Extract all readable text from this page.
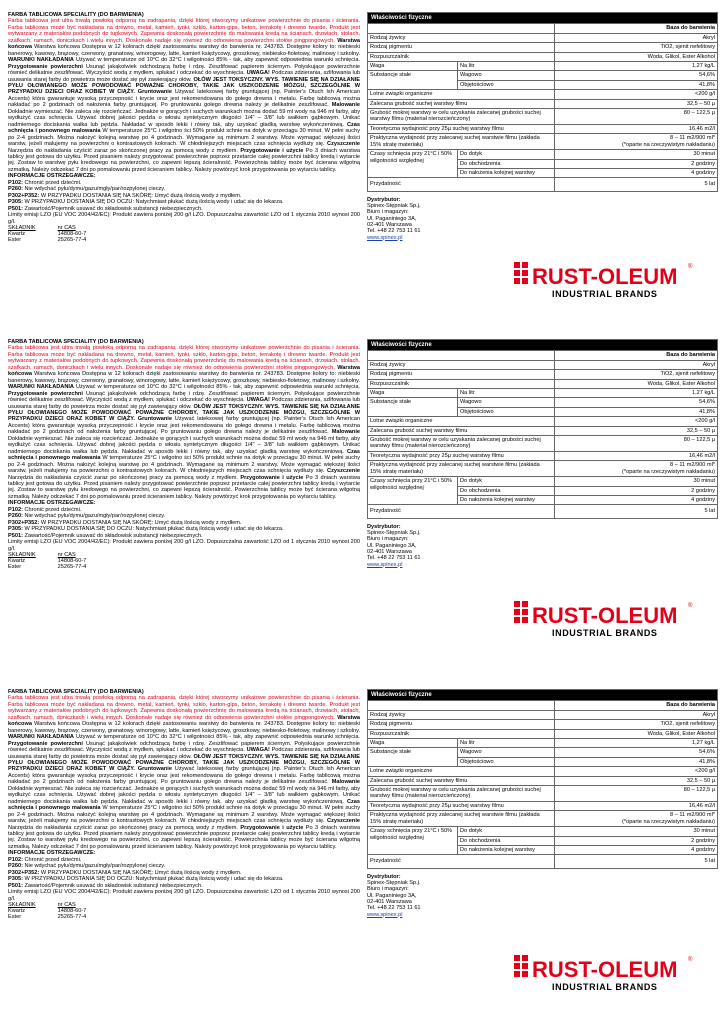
FARBA TABLICOWA SPECIALITY (DO BARWIENIA)

Farba tablicowa jest ultra trwałą powłoką odporną na zadrapania, dzięki której stworzymy unikatowe powierzchnie do pisania i ścierania. Farba tablicowa może być nakładana na drewno, metal, kamień, tynki, szkło, karton-gips, beton, terrakotę i drewno twarde. Produkt jest wytwarzany z materiałów podobnych do tupkowych. Zapewnia doskonałą powierzchnię do malowania kredą na ścianach, drzwiach, stołach, szafkach, ramach, doniczkach i wielu innych. Doskonale nadaje się również do odnowienia powierzchni stołów pingpongowych. Warstwa końcowa Warstwa końcowa Dostępna w 12 kolorach dzięki zastosowaniu warstwy do barwienia nr. 243783. Dostępne kolory to: niebieski banerowy, kawowy, brązowy, czerwony, granatowy, winorogowy, latte, kamień księżycowy, groszkowy, niebiesko-fioletowy, malinowy i szkolny. WARUNKI NAKŁADANIA Używać w temperaturze od 10°C do 32°C i wilgotności 85% - tak, aby zapewnić odpowiednia warunki schnięcia. Przygotowanie powierzchni Usunąć jakąkolwiek odchodzącą farbę i rdzę. Zeszlifować papierem ściernym. Połyskujące powierzchnie równieć delikatnie zeszlifować. Wyczyścić wodą z mydłem, spłukać i odczekać do wyschnięcia. UWAGA! Podczas zdzierania, szlifowania lub usuwania starej farby do powietrza może dostać się pył zawierający ołów. OŁÓW JEST TOKSYCZNY. WYS. TAWIENIE SIĘ NA DZIAŁANIE PYŁU OŁOWIANEGO MOŻE POWODOWAĆ POWAŻNE CHOROBY, TAKIE JAK USZKODZENIE MÓZGU, SZCZEGÓLNIE W PRZYPADKU DZIECI ORAZ KOBIET W CIĄŻY. Gruntowanie Używać lateksowej farby gruntującej (np. Painter's Otuch Ish American Accents) która gwarantuje wysoką przyczepność i krycie oraz jest rekomendowana do gołego drewna i metalu. Farbę tablicową można nakładać po 2 godzinach od nałożenia farby gruntującej. Po gruntowaniu gołego drewna należy je delikatnie zeszlifować. Malowanie Dokładnie wymieszać. Nie zaleca się rozcieńczać. Jednakże w gorących i suchych warunkach można dodać 59 ml wody na 946 ml farby, aby wydłużyć czas schnięcia. Używać dobrej jakości pędzla o włosiu syntetycznym długości 1/4" – 3/8" lub wałkiem gąbkowym. Unikać nadmiernego dociskania wałka lub pędzla. Nakładać w sposób lekki i równy tak, aby uzyskać gładką warstwę wykończeniową. Czas schnięcia i ponownego malowania W temperaturze 25°C i wilgotno ści 50% produkt schnie na dotyk w przeciągu 30 minut. W pełni suchy po 2-4 godzinach. Można nałożyć kolejną warstwę po 4 godzinach. Wymagane są minimum 2 warstwy. Może wymagać większej ilości warstw, jeżeli malujemy na powierzchni o kontrastowych kolorach. W chłodniejszych miejscach czas schnięcia wydłuży się. Czyszczenie Narzędzia do nakładania czyścić zaraz po skończonej pracy za pomocą wody z mydłem. Przygotowanie i użycie Po 3 dniach warstwa tablicy jest gotowa do użytku. Przed pisaniem należy przygotować powierzchnie poprzez przetarcie całej powierzchni tablicy kredą i wytarcie jej. Zostaw to warstwę pyłu kredowego na powierzchni, co zapewni lepszą ścieralność. Powierzchnia tablicy może być ścierana wilgotną szmatką. Należy odczekać 7 dni po pomalowaniu przed ścieraniem tablicy. Należy powtórzyć krok przygotowania po wytarciu tablicy.

INFORMACJE OSTRZEGAWCZE:

P102: Chronić przed dziećmi.

P260: Nie wdychać pyłu/dymu/gazu/mgły/par/rozpylonej cieczy.

P302+P352: W PRZYPADKU DOSTANIA SIĘ NA SKÓRĘ: Umyć dużą ilością wody z mydłem.

P305: W PRZYPADKU DOSTANIA SIĘ DO OCZU: Natychmiast płukać dużą ilością wody i udać się do lekarza.

P501: Zawartość/Pojemnik usuwać do składowisk substancji niebezpiecznych.

Limity emisji LZO (EU VOC 2004/42/EC): Produkt zawiera poniżej 200 g/l LZO. Dopuszczalna zawartość LZO od 1 stycznia 2010 wynosi 200 g/l.

SKŁADNIK	nr CAS
Kwartz	14808-60-7
Ester	25265-77-4
Właściwości fizyczne		
		Baza do barwienia
Rodzaj żywicy		Akryl
Rodzaj pigmentu		TiO2, sjenit nefelitowy
Rozpuszczalnik		Woda, Glikol, Ester Alkohol
Waga	Na litr	1,27 kg/L
Substancje stałe	Wagowo	54,6%
	Objętościowo	41,8%
Lotne związki organiczne		<200 g/l
Zalecana grubość suchej warstwy filmu		32,5 – 50 µ
Grubość mokrej warstwy w celu uzyskania zalecanej grubości suchej warstwy filmu (materiał nierozcieńczony)		80 – 122,5 µ
Teoretyczna wydajność przy 25µ suchej warstwy filmu		16,46 m2/l
Praktyczna wydajność przy zalecanej suchej warstwie filmu (zakłada 15% stratę materiału)		8 – 11 m2/900 ml*
(*oparte na rzeczywistym nakładaniu)

Czasy schnięcia przy 21°C i 50% wilgotności względnej	Do dotyk	30 minut
	Do obchodzenia	2 godziny
	Do nałożenia kolejnej warstwy	4 godziny
Przydatność		5 lat
Dystrybutor:
Spinex-Stępniak Sp.j.
Biuro i magazyn:
Ul. Paganiniego 3A,
02-401 Warszawa
Tel. +48 22 753 11 61
www.spinex.pl
RUST-OLEUM ®
INDUSTRIAL BRANDS

FARBA TABLICOWA SPECIALITY (DO BARWIENIA)

Farba tablicowa jest ultra trwałą powłoką odporną na zadrapania, dzięki której stworzymy unikatowe powierzchnie do pisania i ścierania. Farba tablicowa może być nakładana na drewno, metal, kamień, tynki, szkło, karton-gips, beton, terrakotę i drewno twarde. Produkt jest wytwarzany z materiałów podobnych do tupkowych. Zapewnia doskonałą powierzchnię do malowania kredą na ścianach, drzwiach, stołach, szafkach, ramach, doniczkach i wielu innych. Doskonale nadaje się również do odnowienia powierzchni stołów pingpongowych. Warstwa końcowa Warstwa końcowa Dostępna w 12 kolorach dzięki zastosowaniu warstwy do barwienia nr. 243783. Dostępne kolory to: niebieski banerowy, kawowy, brązowy, czerwony, granatowy, winorogowy, latte, kamień księżycowy, groszkowy, niebiesko-fioletowy, malinowy i szkolny. WARUNKI NAKŁADANIA Używać w temperaturze od 10°C do 32°C i wilgotności 85% - tak, aby zapewnić odpowiednia warunki schnięcia. Przygotowanie powierzchni Usunąć jakąkolwiek odchodzącą farbę i rdzę. Zeszlifować papierem ściernym. Połyskujące powierzchnie równieć delikatnie zeszlifować. Wyczyścić wodą z mydłem, spłukać i odczekać do wyschnięcia. UWAGA! Podczas zdzierania, szlifowania lub usuwania starej farby do powietrza może dostać się pył zawierający ołów. OŁÓW JEST TOKSYCZNY. WYS. TAWIENIE SIĘ NA DZIAŁANIE PYŁU OŁOWIANEGO MOŻE POWODOWAĆ POWAŻNE CHOROBY, TAKIE JAK USZKODZENIE MÓZGU, SZCZEGÓLNIE W PRZYPADKU DZIECI ORAZ KOBIET W CIĄŻY. Gruntowanie Używać lateksowej farby gruntującej (np. Painter's Otuch Ish American Accents) która gwarantuje wysoką przyczepność i krycie oraz jest rekomendowana do gołego drewna i metalu. Farbę tablicową można nakładać po 2 godzinach od nałożenia farby gruntującej. Po gruntowaniu gołego drewna należy je delikatnie zeszlifować. Malowanie Dokładnie wymieszać. Nie zaleca się rozcieńczać. Jednakże w gorących i suchych warunkach można dodać 59 ml wody na 946 ml farby, aby wydłużyć czas schnięcia. Używać dobrej jakości pędzla o włosiu syntetycznym długości 1/4" – 3/8" lub wałkiem gąbkowym. Unikać nadmiernego dociskania wałka lub pędzla. Nakładać w sposób lekki i równy tak, aby uzyskać gładką warstwę wykończeniową. Czas schnięcia i ponownego malowania W temperaturze 25°C i wilgotno ści 50% produkt schnie na dotyk w przeciągu 30 minut. W pełni suchy po 2-4 godzinach. Można nałożyć kolejną warstwę po 4 godzinach. Wymagane są minimum 2 warstwy. Może wymagać większej ilości warstw, jeżeli malujemy na powierzchni o kontrastowych kolorach. W chłodniejszych miejscach czas schnięcia wydłuży się. Czyszczenie Narzędzia do nakładania czyścić zaraz po skończonej pracy za pomocą wody z mydłem. Przygotowanie i użycie Po 3 dniach warstwa tablicy jest gotowa do użytku. Przed pisaniem należy przygotować powierzchnie poprzez przetarcie całej powierzchni tablicy kredą i wytarcie jej. Zostaw to warstwę pyłu kredowego na powierzchni, co zapewni lepszą ścieralność. Powierzchnia tablicy może być ścierana wilgotną szmatką. Należy odczekać 7 dni po pomalowaniu przed ścieraniem tablicy. Należy powtórzyć krok przygotowania po wytarciu tablicy.

INFORMACJE OSTRZEGAWCZE:

P102: Chronić przed dziećmi.

P260: Nie wdychać pyłu/dymu/gazu/mgły/par/rozpylonej cieczy.

P302+P352: W PRZYPADKU DOSTANIA SIĘ NA SKÓRĘ: Umyć dużą ilością wody z mydłem.

P305: W PRZYPADKU DOSTANIA SIĘ DO OCZU: Natychmiast płukać dużą ilością wody i udać się do lekarza.

P501: Zawartość/Pojemnik usuwać do składowisk substancji niebezpiecznych.

Limity emisji LZO (EU VOC 2004/42/EC): Produkt zawiera poniżej 200 g/l LZO. Dopuszczalna zawartość LZO od 1 stycznia 2010 wynosi 200 g/l.

SKŁADNIK	nr CAS
Kwartz	14808-60-7
Ester	25265-77-4
Właściwości fizyczne		
		Baza do barwienia
Rodzaj żywicy		Akryl
Rodzaj pigmentu		TiO2, sjenit nefelitowy
Rozpuszczalnik		Woda, Glikol, Ester Alkohol
Waga	Na litr	1,27 kg/L
Substancje stałe	Wagowo	54,6%
	Objętościowo	41,8%
Lotne związki organiczne		<200 g/l
Zalecana grubość suchej warstwy filmu		32,5 – 50 µ
Grubość mokrej warstwy w celu uzyskania zalecanej grubości suchej warstwy filmu (materiał nierozcieńczony)		80 – 122,5 µ
Teoretyczna wydajność przy 25µ suchej warstwy filmu		16,46 m2/l
Praktyczna wydajność przy zalecanej suchej warstwie filmu (zakłada 15% stratę materiału)		8 – 11 m2/900 ml*
(*oparte na rzeczywistym nakładaniu)

Czasy schnięcia przy 21°C i 50% wilgotności względnej	Do dotyk	30 minut
	Do obchodzenia	2 godziny
	Do nałożenia kolejnej warstwy	4 godziny
Przydatność		5 lat
Dystrybutor:
Spinex-Stępniak Sp.j.
Biuro i magazyn:
Ul. Paganiniego 3A,
02-401 Warszawa
Tel. +48 22 753 11 61
www.spinex.pl
RUST-OLEUM ®
INDUSTRIAL BRANDS

FARBA TABLICOWA SPECIALITY (DO BARWIENIA)

Farba tablicowa jest ultra trwałą powłoką odporną na zadrapania, dzięki której stworzymy unikatowe powierzchnie do pisania i ścierania. Farba tablicowa może być nakładana na drewno, metal, kamień, tynki, szkło, karton-gips, beton, terrakotę i drewno twarde. Produkt jest wytwarzany z materiałów podobnych do tupkowych. Zapewnia doskonałą powierzchnię do malowania kredą na ścianach, drzwiach, stołach, szafkach, ramach, doniczkach i wielu innych. Doskonale nadaje się również do odnowienia powierzchni stołów pingpongowych. Warstwa końcowa Warstwa końcowa Dostępna w 12 kolorach dzięki zastosowaniu warstwy do barwienia nr. 243783. Dostępne kolory to: niebieski banerowy, kawowy, brązowy, czerwony, granatowy, winorogowy, latte, kamień księżycowy, groszkowy, niebiesko-fioletowy, malinowy i szkolny. WARUNKI NAKŁADANIA Używać w temperaturze od 10°C do 32°C i wilgotności 85% - tak, aby zapewnić odpowiednia warunki schnięcia. Przygotowanie powierzchni Usunąć jakąkolwiek odchodzącą farbę i rdzę. Zeszlifować papierem ściernym. Połyskujące powierzchnie równieć delikatnie zeszlifować. Wyczyścić wodą z mydłem, spłukać i odczekać do wyschnięcia. UWAGA! Podczas zdzierania, szlifowania lub usuwania starej farby do powietrza może dostać się pył zawierający ołów. OŁÓW JEST TOKSYCZNY. WYS. TAWIENIE SIĘ NA DZIAŁANIE PYŁU OŁOWIANEGO MOŻE POWODOWAĆ POWAŻNE CHOROBY, TAKIE JAK USZKODZENIE MÓZGU, SZCZEGÓLNIE W PRZYPADKU DZIECI ORAZ KOBIET W CIĄŻY. Gruntowanie Używać lateksowej farby gruntującej (np. Painter's Otuch Ish American Accents) która gwarantuje wysoką przyczepność i krycie oraz jest rekomendowana do gołego drewna i metalu. Farbę tablicową można nakładać po 2 godzinach od nałożenia farby gruntującej. Po gruntowaniu gołego drewna należy je delikatnie zeszlifować. Malowanie Dokładnie wymieszać. Nie zaleca się rozcieńczać. Jednakże w gorących i suchych warunkach można dodać 59 ml wody na 946 ml farby, aby wydłużyć czas schnięcia. Używać dobrej jakości pędzla o włosiu syntetycznym długości 1/4" – 3/8" lub wałkiem gąbkowym. Unikać nadmiernego dociskania wałka lub pędzla. Nakładać w sposób lekki i równy tak, aby uzyskać gładką warstwę wykończeniową. Czas schnięcia i ponownego malowania W temperaturze 25°C i wilgotno ści 50% produkt schnie na dotyk w przeciągu 30 minut. W pełni suchy po 2-4 godzinach. Można nałożyć kolejną warstwę po 4 godzinach. Wymagane są minimum 2 warstwy. Może wymagać większej ilości warstw, jeżeli malujemy na powierzchni o kontrastowych kolorach. W chłodniejszych miejscach czas schnięcia wydłuży się. Czyszczenie Narzędzia do nakładania czyścić zaraz po skończonej pracy za pomocą wody z mydłem. Przygotowanie i użycie Po 3 dniach warstwa tablicy jest gotowa do użytku. Przed pisaniem należy przygotować powierzchnie poprzez przetarcie całej powierzchni tablicy kredą i wytarcie jej. Zostaw to warstwę pyłu kredowego na powierzchni, co zapewni lepszą ścieralność. Powierzchnia tablicy może być ścierana wilgotną szmatką. Należy odczekać 7 dni po pomalowaniu przed ścieraniem tablicy. Należy powtórzyć krok przygotowania po wytarciu tablicy.

INFORMACJE OSTRZEGAWCZE:

P102: Chronić przed dziećmi.

P260: Nie wdychać pyłu/dymu/gazu/mgły/par/rozpylonej cieczy.

P302+P352: W PRZYPADKU DOSTANIA SIĘ NA SKÓRĘ: Umyć dużą ilością wody z mydłem.

P305: W PRZYPADKU DOSTANIA SIĘ DO OCZU: Natychmiast płukać dużą ilością wody i udać się do lekarza.

P501: Zawartość/Pojemnik usuwać do składowisk substancji niebezpiecznych.

Limity emisji LZO (EU VOC 2004/42/EC): Produkt zawiera poniżej 200 g/l LZO. Dopuszczalna zawartość LZO od 1 stycznia 2010 wynosi 200 g/l.

SKŁADNIK	nr CAS
Kwartz	14808-60-7
Ester	25265-77-4
Właściwości fizyczne		
		Baza do barwienia
Rodzaj żywicy		Akryl
Rodzaj pigmentu		TiO2, sjenit nefelitowy
Rozpuszczalnik		Woda, Glikol, Ester Alkohol
Waga	Na litr	1,27 kg/L
Substancje stałe	Wagowo	54,6%
	Objętościowo	41,8%
Lotne związki organiczne		<200 g/l
Zalecana grubość suchej warstwy filmu		32,5 – 50 µ
Grubość mokrej warstwy w celu uzyskania zalecanej grubości suchej warstwy filmu (materiał nierozcieńczony)		80 – 122,5 µ
Teoretyczna wydajność przy 25µ suchej warstwy filmu		16,46 m2/l
Praktyczna wydajność przy zalecanej suchej warstwie filmu (zakłada 15% stratę materiału)		8 – 11 m2/900 ml*
(*oparte na rzeczywistym nakładaniu)

Czasy schnięcia przy 21°C i 50% wilgotności względnej	Do dotyk	30 minut
	Do obchodzenia	2 godziny
	Do nałożenia kolejnej warstwy	4 godziny
Przydatność		5 lat
Dystrybutor:
Spinex-Stępniak Sp.j.
Biuro i magazyn:
Ul. Paganiniego 3A,
02-401 Warszawa
Tel. +48 22 753 11 61
www.spinex.pl
RUST-OLEUM ®
INDUSTRIAL BRANDS
